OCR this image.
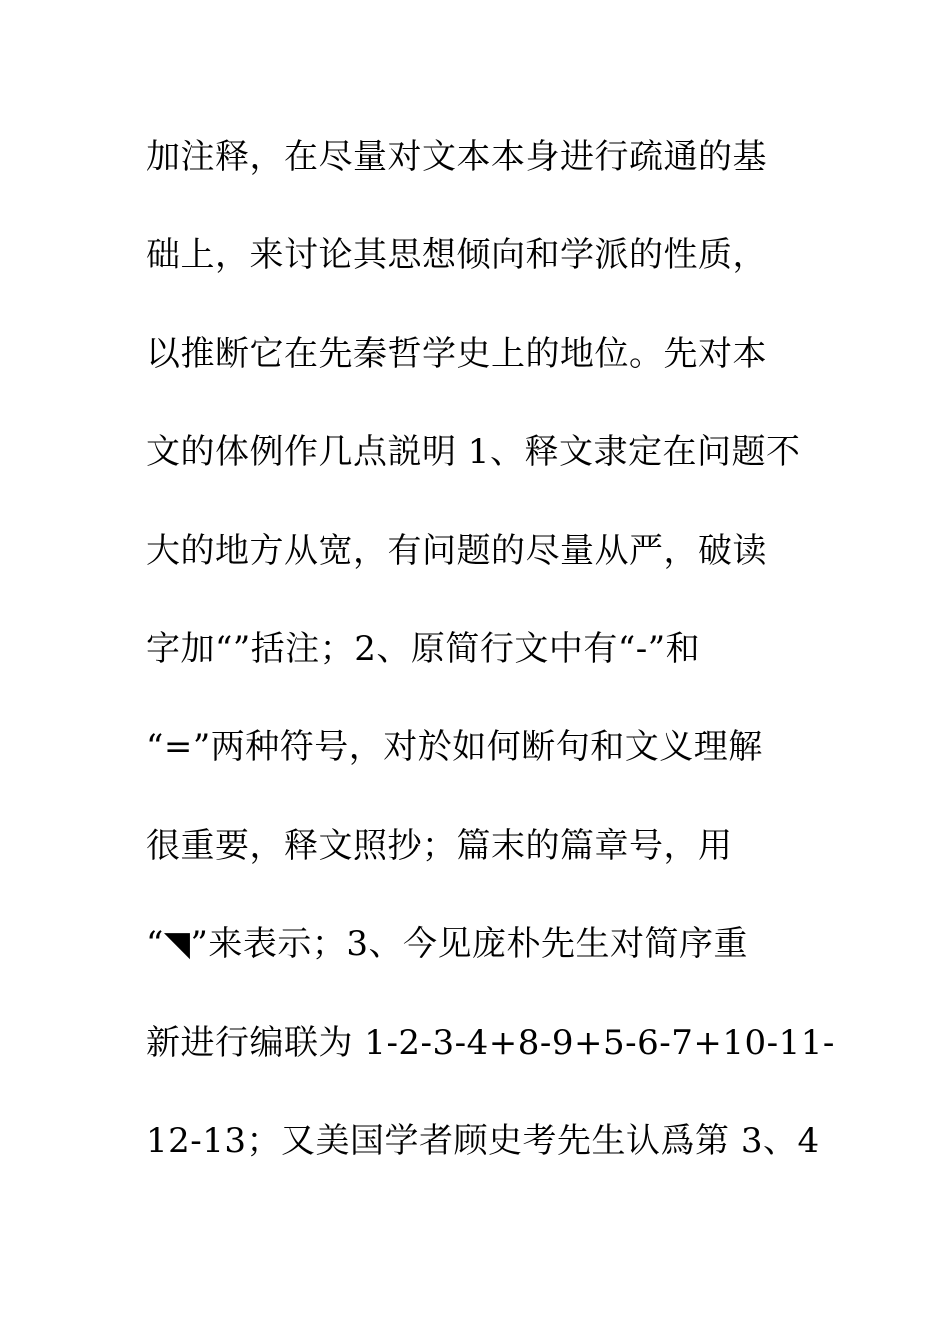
加注释，在尽量对文本本身进行疏通的基
础上，来讨论其思想倾向和学派的性质，
以推断它在先秦哲学史上的地位。先对本
文的体例作几点説明 1、释文隶定在问题不
大的地方从宽，有问题的尽量从严，破读
字加“”括注；2、原简行文中有“-”和
“=”两种符号，对於如何断句和文义理解
很重要，释文照抄；篇末的篇章号，用
“◥”来表示；3、今见庞朴先生对简序重
新进行编联为 1-2-3-4+8-9+5-6-7+10-11-
12-13；又美国学者顾史考先生认爲第 3、4
